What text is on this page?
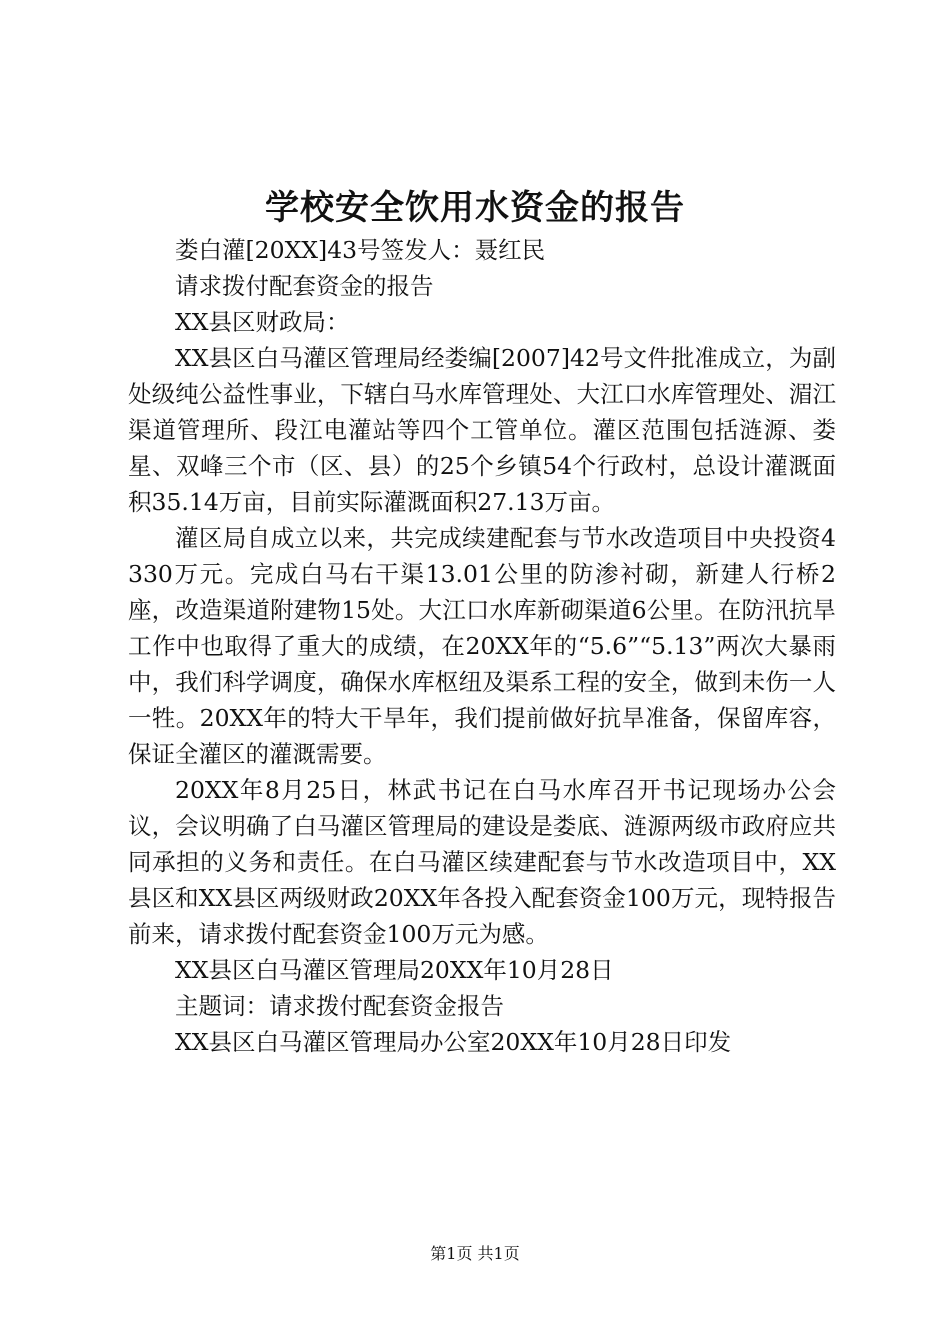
学校安全饮用水资金的报告

娄白灌[20XX]43号签发人：聂红民

请求拨付配套资金的报告

XX县区财政局：

XX县区白马灌区管理局经娄编[2007]42号文件批准成立，为副处级纯公益性事业，下辖白马水库管理处、大江口水库管理处、湄江渠道管理所、段江电灌站等四个工管单位。灌区范围包括涟源、娄星、双峰三个市（区、县）的25个乡镇54个行政村，总设计灌溉面积35.14万亩，目前实际灌溉面积27.13万亩。

灌区局自成立以来，共完成续建配套与节水改造项目中央投资4330万元。完成白马右干渠13.01公里的防渗衬砌，新建人行桥2座，改造渠道附建物15处。大江口水库新砌渠道6公里。在防汛抗旱工作中也取得了重大的成绩，在20XX年的“5.6”“5.13”两次大暴雨中，我们科学调度，确保水库枢纽及渠系工程的安全，做到未伤一人一牲。20XX年的特大干旱年，我们提前做好抗旱准备，保留库容，保证全灌区的灌溉需要。

20XX年8月25日，林武书记在白马水库召开书记现场办公会议，会议明确了白马灌区管理局的建设是娄底、涟源两级市政府应共同承担的义务和责任。在白马灌区续建配套与节水改造项目中，XX县区和XX县区两级财政20XX年各投入配套资金100万元，现特报告前来，请求拨付配套资金100万元为感。

XX县区白马灌区管理局20XX年10月28日

主题词：请求拨付配套资金报告

XX县区白马灌区管理局办公室20XX年10月28日印发

第1页 共1页
